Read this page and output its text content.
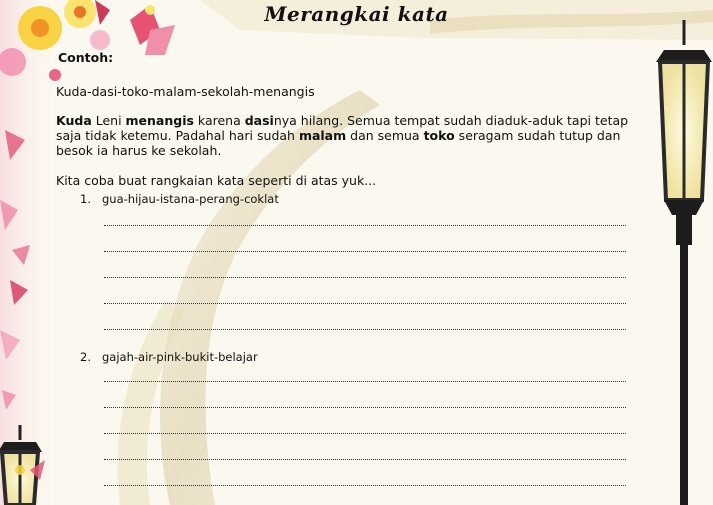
Merangkai kata
Contoh:
Kuda-dasi-toko-malam-sekolah-menangis
Kuda Leni menangis karena dasinya hilang. Semua tempat sudah diaduk-aduk tapi tetap saja tidak ketemu. Padahal hari sudah malam dan semua toko seragam sudah tutup dan besok ia harus ke sekolah.
Kita coba buat rangkaian kata seperti di atas yuk...
1. gua-hijau-istana-perang-coklat
2. gajah-air-pink-bukit-belajar
